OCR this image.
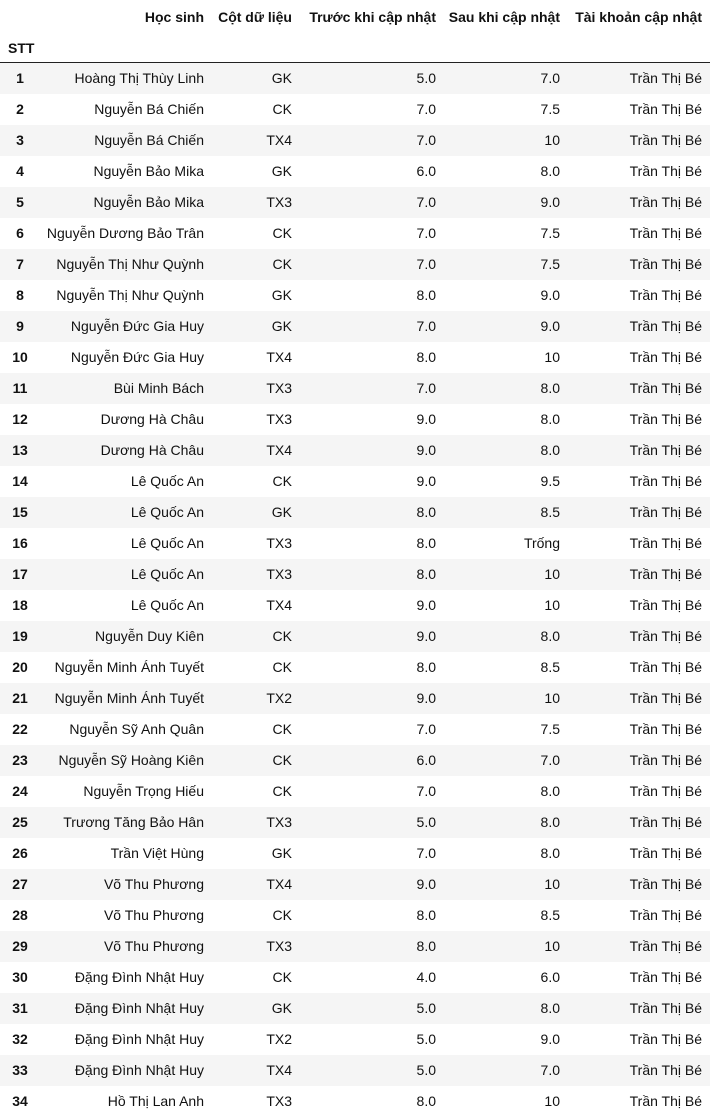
	Học sinh	Cột dữ liệu	Trước khi cập nhật	Sau khi cập nhật	Tài khoản cập nhật
STT					
1	Hoàng Thị Thùy Linh	GK	5.0	7.0	Trần Thị Bé
2	Nguyễn Bá Chiến	CK	7.0	7.5	Trần Thị Bé
3	Nguyễn Bá Chiến	TX4	7.0	10	Trần Thị Bé
4	Nguyễn Bảo Mika	GK	6.0	8.0	Trần Thị Bé
5	Nguyễn Bảo Mika	TX3	7.0	9.0	Trần Thị Bé
6	Nguyễn Dương Bảo Trân	CK	7.0	7.5	Trần Thị Bé
7	Nguyễn Thị Như Quỳnh	CK	7.0	7.5	Trần Thị Bé
8	Nguyễn Thị Như Quỳnh	GK	8.0	9.0	Trần Thị Bé
9	Nguyễn Đức Gia Huy	GK	7.0	9.0	Trần Thị Bé
10	Nguyễn Đức Gia Huy	TX4	8.0	10	Trần Thị Bé
11	Bùi Minh Bách	TX3	7.0	8.0	Trần Thị Bé
12	Dương Hà Châu	TX3	9.0	8.0	Trần Thị Bé
13	Dương Hà Châu	TX4	9.0	8.0	Trần Thị Bé
14	Lê Quốc An	CK	9.0	9.5	Trần Thị Bé
15	Lê Quốc An	GK	8.0	8.5	Trần Thị Bé
16	Lê Quốc An	TX3	8.0	Trống	Trần Thị Bé
17	Lê Quốc An	TX3	8.0	10	Trần Thị Bé
18	Lê Quốc An	TX4	9.0	10	Trần Thị Bé
19	Nguyễn Duy Kiên	CK	9.0	8.0	Trần Thị Bé
20	Nguyễn Minh Ánh Tuyết	CK	8.0	8.5	Trần Thị Bé
21	Nguyễn Minh Ánh Tuyết	TX2	9.0	10	Trần Thị Bé
22	Nguyễn Sỹ Anh Quân	CK	7.0	7.5	Trần Thị Bé
23	Nguyễn Sỹ Hoàng Kiên	CK	6.0	7.0	Trần Thị Bé
24	Nguyễn Trọng Hiếu	CK	7.0	8.0	Trần Thị Bé
25	Trương Tăng Bảo Hân	TX3	5.0	8.0	Trần Thị Bé
26	Trần Việt Hùng	GK	7.0	8.0	Trần Thị Bé
27	Võ Thu Phương	TX4	9.0	10	Trần Thị Bé
28	Võ Thu Phương	CK	8.0	8.5	Trần Thị Bé
29	Võ Thu Phương	TX3	8.0	10	Trần Thị Bé
30	Đặng Đình Nhật Huy	CK	4.0	6.0	Trần Thị Bé
31	Đặng Đình Nhật Huy	GK	5.0	8.0	Trần Thị Bé
32	Đặng Đình Nhật Huy	TX2	5.0	9.0	Trần Thị Bé
33	Đặng Đình Nhật Huy	TX4	5.0	7.0	Trần Thị Bé
34	Hồ Thị Lan Anh	TX3	8.0	10	Trần Thị Bé
